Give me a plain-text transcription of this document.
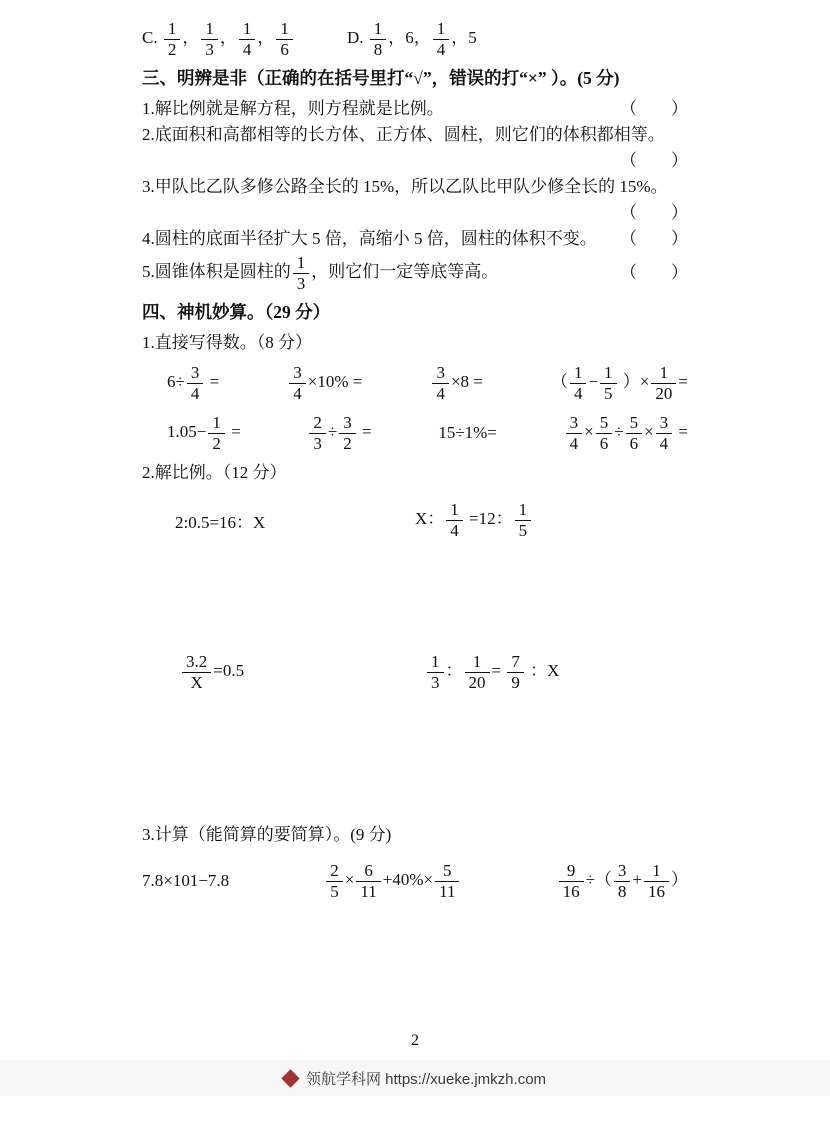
C. $\frac{1}{2}$ ， $\frac{1}{3}$ ， $\frac{1}{4}$ ， $\frac{1}{6}$	D. $\frac{1}{8}$ ，6， $\frac{1}{4}$ ，5
三、明辨是非（正确的在括号里打“√”，错误的打“×” ）。(5 分)
1.解比例就是解方程，则方程就是比例。	（　　）
2.底面积和高都相等的长方体、正方体、圆柱，则它们的体积都相等。
（　　）
3.甲队比乙队多修公路全长的 15%，所以乙队比甲队少修全长的 15%。
（　　）
4.圆柱的底面半径扩大 5 倍，高缩小 5 倍，圆柱的体积不变。 （　　）
5.圆锥体积是圆柱的 $\frac{1}{3}$ ，则它们一定等底等高。	（　　）
四、神机妙算。（29 分）
1.直接写得数。（8 分）
$6\div \frac{3}{4}$ =	$\frac{3}{4} \times 10\%$ =	$\frac{3}{4} \times 8$ =	（ $\frac{1}{4} - \frac{1}{5}$ ）× $\frac{1}{20}$ =
$1.05- \frac{1}{2}$ =	$\frac{2}{3} \div \frac{3}{2}$ =	15÷1%=	$\frac{3}{4} \times \frac{5}{6} \div \frac{5}{6} \times \frac{3}{4}$ =
2.解比例。（12 分）
2:0.5=16：X	X： $\frac{1}{4} =12$： $\frac{1}{5}$
$\frac{3.2}{X} =0.5$	$\frac{1}{3}$ ： $\frac{1}{20} = \frac{7}{9}$ ：X
3.计算（能简算的要简算）。(9 分)
7.8×101−7.8	$\frac{2}{5} \times \frac{6}{11} +40\%\times \frac{5}{11}$	$\frac{9}{16}$ ÷（ $\frac{3}{8} + \frac{1}{16}$ ）
2
领航学科网 https://xueke.jmkzh.com
